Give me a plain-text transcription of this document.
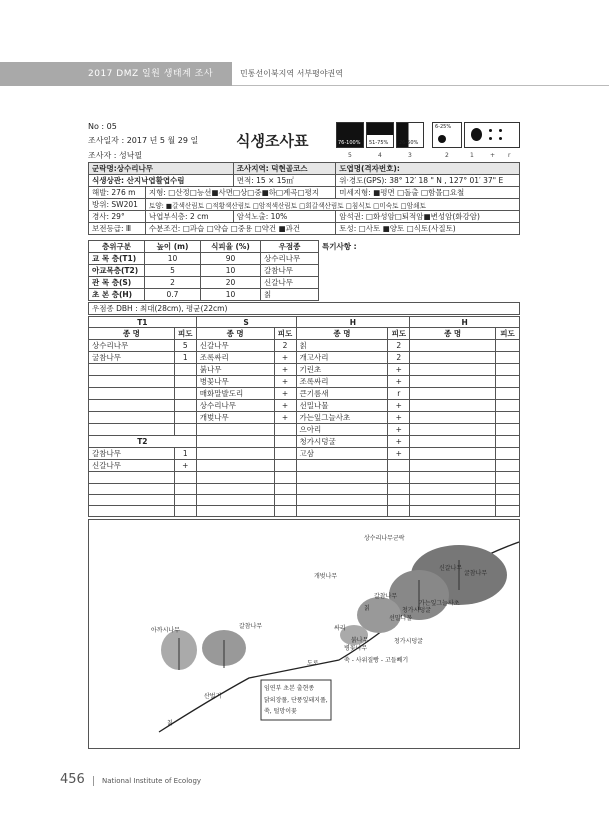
2017 DMZ 일원 생태계 조사	민통선이북지역 서부평야권역
No : 05
조사일자 : 2017 년 5 월 29 일
조사자 : 성낙필
식생조사표	76-100% 51-75% 26-50%
6-25%
5	4	3	2	1	+ r
군락명:상수리나무		조사지역: 덕현골코스	도엽명(격자번호):
식생상관: 산지낙엽활엽수림		면적: 15 × 15㎡	위·경도(GPS): 38° 12′ 18 " N , 127° 01′ 37" E
해발: 276 m	지형: □산정□능선■사면□상□중■하□계곡□평지		미세지형: ■평면 □돌출 □함몰□요철
방위: SW201	토양: ■갈색산림토 □적황색산림토 □암적색산림토 □회갈색산림토 □침식토 □미숙토 □암쇄토		
경사: 29°	낙엽부식층: 2 cm	암석노출: 10%	암석권: □화성암□퇴적암■변성암(화강암)
보전등급: Ⅲ	수분조건: □과습 □약습 □중용 □약건 ■과건		토성: □사토 ■양토 □식토(사질토)
층위구분	높이 (m)	식피율 (%)	우점종	특기사항 :
교 목 층(T1)	10	90	상수리나무	
아교목층(T2)	5	10	갈참나무	
관 목 층(S)	2	20	신갈나무	
초 본 층(H)	0.7	10	칡	
우점종 DBH : 최대(28cm), 평균(22cm)
T1		S		H		H	
종 명	피도	종 명	피도	종 명	피도	종 명	피도
상수리나무	5	신갈나무	2	칡	2		
굴참나무	1	조록싸리	+	개고사리	2		
		붉나무	+	기린초	+		
		병꽃나무	+	조록싸리	+		
		매화말발도리	+	큰기름새	r		
		상수리나무	+	선밀나물	+		
		개벚나무	+	가는잎그늘사초	+		
				으아리	+		
T2				청가시덩굴	+		
갈참나무	1			고삼	+		
신갈나무	+						

상수리나무군락
개벚나무
신갈나무
굴참나무
갈참나무
가는잎그늘사초
청가시덩굴
선밀나물
칡
싸리
청가시덩굴
붉나무
병꽃나무
아까시나무
갈참나무
도로	쑥 - 사위질빵 - 고들빼기
산벌기
칡
임연부 초본 출현종
닭의장풀, 단풍잎돼지풀,
쑥, 털망이꽃
456 National Institute of Ecology
